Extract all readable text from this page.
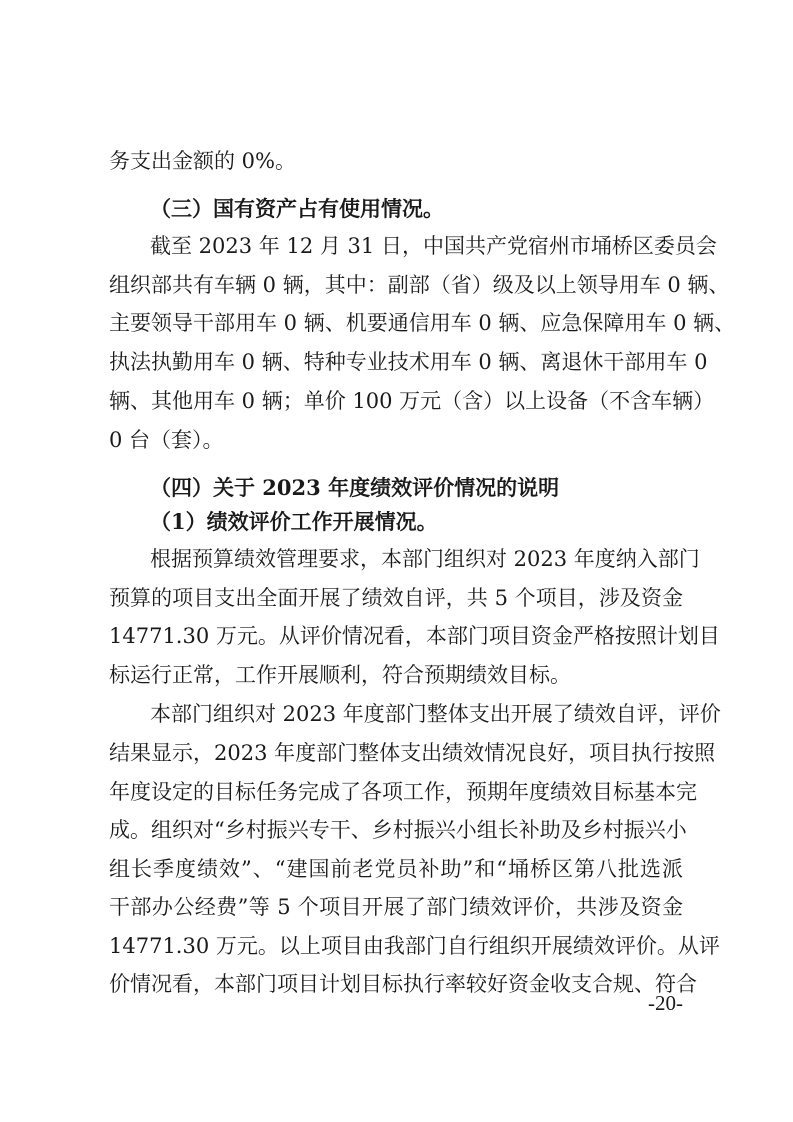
务支出金额的 0%。
（三）国有资产占有使用情况。
截至 2023 年 12 月 31 日，中国共产党宿州市埇桥区委员会
组织部共有车辆 0 辆，其中：副部（省）级及以上领导用车 0 辆、
主要领导干部用车 0 辆、机要通信用车 0 辆、应急保障用车 0 辆、
执法执勤用车 0 辆、特种专业技术用车 0 辆、离退休干部用车 0
辆、其他用车 0 辆；单价 100 万元（含）以上设备（不含车辆）
0 台（套）。
（四）关于 2023 年度绩效评价情况的说明
（1）绩效评价工作开展情况。
根据预算绩效管理要求，本部门组织对 2023 年度纳入部门
预算的项目支出全面开展了绩效自评，共 5 个项目，涉及资金
14771.30 万元。从评价情况看，本部门项目资金严格按照计划目
标运行正常，工作开展顺利，符合预期绩效目标。
本部门组织对 2023 年度部门整体支出开展了绩效自评，评价
结果显示，2023 年度部门整体支出绩效情况良好，项目执行按照
年度设定的目标任务完成了各项工作，预期年度绩效目标基本完
成。组织对“乡村振兴专干、乡村振兴小组长补助及乡村振兴小
组长季度绩效”、“建国前老党员补助”和“埇桥区第八批选派
干部办公经费”等 5 个项目开展了部门绩效评价，共涉及资金
14771.30 万元。以上项目由我部门自行组织开展绩效评价。从评
价情况看，本部门项目计划目标执行率较好资金收支合规、符合
-20-
